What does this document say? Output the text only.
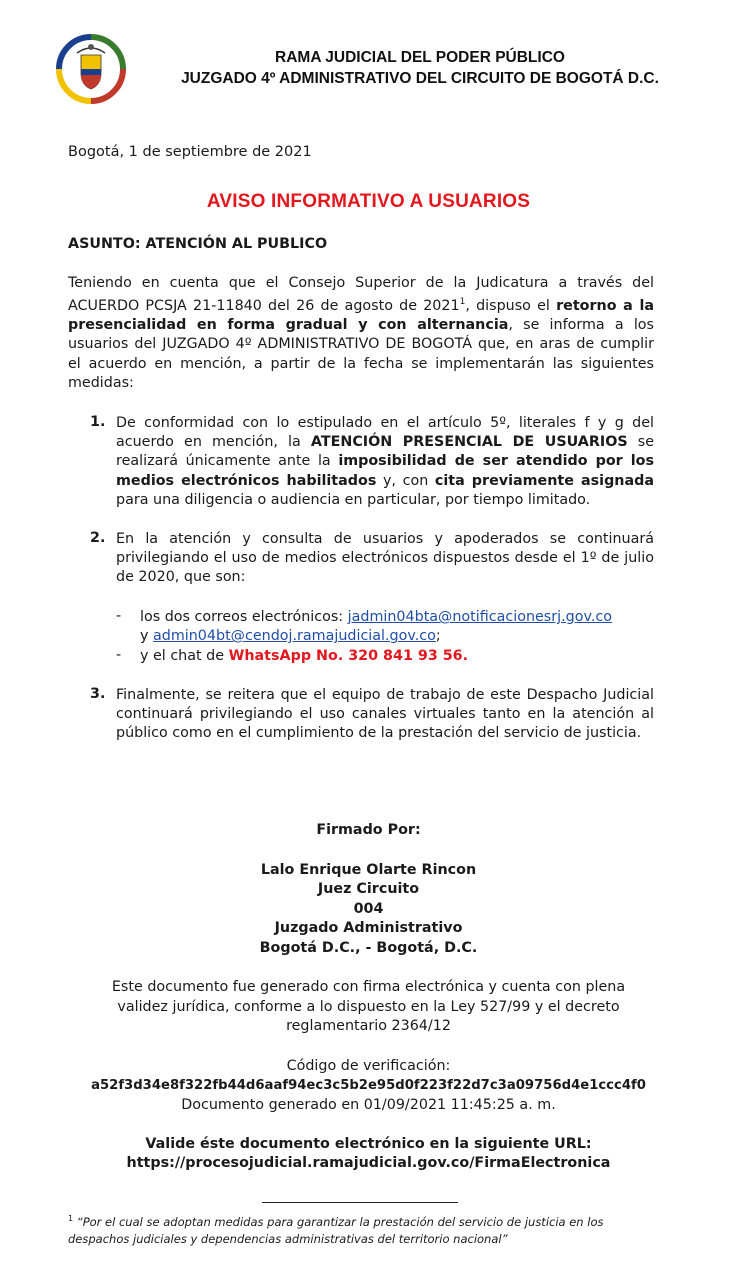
RAMA JUDICIAL DEL PODER PÚBLICO
JUZGADO 4º ADMINISTRATIVO DEL CIRCUITO DE BOGOTÁ D.C.
Bogotá, 1 de septiembre de 2021
AVISO INFORMATIVO A USUARIOS
ASUNTO: ATENCIÓN AL PUBLICO
Teniendo en cuenta que el Consejo Superior de la Judicatura a través del ACUERDO PCSJA 21-11840 del 26 de agosto de 2021$^1$, dispuso el retorno a la presencialidad en forma gradual y con alternancia, se informa a los usuarios del JUZGADO 4º ADMINISTRATIVO DE BOGOTÁ que, en aras de cumplir el acuerdo en mención, a partir de la fecha se implementarán las siguientes medidas:
1. De conformidad con lo estipulado en el artículo 5º, literales f y g del acuerdo en mención, la ATENCIÓN PRESENCIAL DE USUARIOS se realizará únicamente ante la imposibilidad de ser atendido por los medios electrónicos habilitados y, con cita previamente asignada para una diligencia o audiencia en particular, por tiempo limitado.
2. En la atención y consulta de usuarios y apoderados se continuará privilegiando el uso de medios electrónicos dispuestos desde el 1º de julio de 2020, que son:
- los dos correos electrónicos: jadmin04bta@notificacionesrj.gov.co
y admin04bt@cendoj.ramajudicial.gov.co;
- y el chat de WhatsApp No. 320 841 93 56.
3. Finalmente, se reitera que el equipo de trabajo de este Despacho Judicial continuará privilegiando el uso canales virtuales tanto en la atención al público como en el cumplimiento de la prestación del servicio de justicia.
Firmado Por:
Lalo Enrique Olarte Rincon
Juez Circuito
004
Juzgado Administrativo
Bogotá D.C., - Bogotá, D.C.
Este documento fue generado con firma electrónica y cuenta con plena
validez jurídica, conforme a lo dispuesto en la Ley 527/99 y el decreto
reglamentario 2364/12
Código de verificación:
a52f3d34e8f322fb44d6aaf94ec3c5b2e95d0f223f22d7c3a09756d4e1ccc4f0
Documento generado en 01/09/2021 11:45:25 a. m.
Valide éste documento electrónico en la siguiente URL:
https://procesojudicial.ramajudicial.gov.co/FirmaElectronica
$^1$ “Por el cual se adoptan medidas para garantizar la prestación del servicio de justicia en los despachos judiciales y dependencias administrativas del territorio nacional”
